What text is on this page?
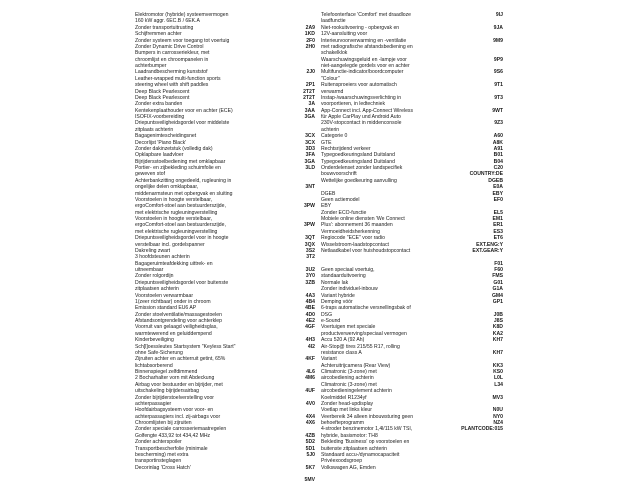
Elektromotor (hybride) systeemvermogen
160 kW aggr. 6EC.B / 6EK.A
Zonder transportuitrusting
Schijfremmen achter
Zonder systeem voor toegang tot voertuig
Zonder Dynamic Drive Control
Bumpers in carrosseriekleur, met
chroomlijst en chroompanelen in
achterbumper
Laadrandbescherming kunststof
Leather-wrapped multi-function sports
steering wheel with shift paddles
Deep Black Pearlescent
Deep Black Pearlescent
Zonder extra banden
Kentekenplaathouder voor en achter (ECE)
ISOFIX-voorbereiding
Driepuntsveiligheidsgordel voor middelste
zitplaats achterin
Bagagenimtescheidingsnet
Decorlijst 'Piano Black'
Zonder dakinzetstuk (volledig dak)
Opklapbare laadvloer
Bijrijdersstoelbediening met omklapbaar
Portier- en zijbekleding schuimfolie en
geweven stof
Achterbankzitting ongedeeld, rugleuning in
ongelijke delen omklapbaar,
middenarmsteun met opbergvak en sluiting
Voorstoelen in hoogte verstelbaar,
ergoComfort-stoel aan bestuurderszijde,
met elektrische rugleuningverstelling
Voorstoelen in hoogte verstelbaar,
ergoComfort-stoel aan bestuurderszijde,
met elektrische rugleuningverstelling
Driepuntsveiligheidsgordel voor in hoogte
verstelbaar incl. gordelspanner
Dakreling zwart
3 hoofdsteunen achterin
Bagageruimteafdekking uittrek- en
uitneembaar
Zonder rolgordijn
Driepuntsveiligheidsgordel voor buitenste
zitplaatsen achterin
Voorstoelen verwarmbaar
1(zeer richtbaar) onder in chroom
Emission standard EU6 AP
Zonder stoelventilatie/massagestoelen
Afstandsontgrendeling voor achterklep
Voorruit van gelaagd veiligheidsglas,
warmtewerend en geluiddempend
Kinderbeveiliging
Sch[l]oessleutes Startsystem "Keyless Start"
ohne Safe-Sicherung
Zijruiten achter en achterruit getint, 65%
lichtabsorberend
Binnenspiegel zelfdimmend
2 Bocharhalter vorn mit Abdeckung
Airbag voor bestuurder en bijrijder, met
uitschakeling bijrijdersairbag
Zonder bijrijderstoelverstelling voor
achterpassagier
Hoofdairbagsysteem voor voor- en
achterpassagiers incl. zij-airbags voor
Chroomlijsten bij zijruiten
Zonder speciale carrosseriemaatregelen
Golfengte 433,92 tot 434,42 MHz
Zonder achterspoiler
Transportbescherfolie (minimale
bescherming) met extra
transportinsteglagen
Decorinlag 'Cross Hatch'
2A9
1KD
2F0
2H0
2J0
2P1
2T2T
2T2T
3A
3AA
3GA
3CX
3CX
3D3
3FA
3GA
3LD
3NT
3PW
3PW
3QT
3QX
3S2
3T2
3U2
3Y0
3ZB
4A3
4B4
4BE
4D0
4E2
4GF
4H3
4I2
4KF
4L6
4M6
4UF
4V0
4X4
4X6
4ZB
5D2
5D1
5J0
5K7
5MV
Telefoonterface 'Comfort' met draadloze
laadfunctie
Niet-rookuitvoering - opbergvak en
12V-aansluiting voor
Interieurvoorverwarming en -ventilatie
met radiografische afstandsbediening en
schakelklok
Waarschuwingsgeluid en -lampje voor
niet-aangelegde gordels voor en achter
Multifunctie-indicator/boordcomputer
"Colour"
Ruitensproeiers voor automatisch
verwarmd
Instap-/waarschuwingsverlichting in
voorportieren, in ledtechniek
App-Connect incl. App-Connect Wireless
für Apple CarPlay und Android Auto
230V-stopcontact in middenconsole
achterin
Categorie 0
GTE
Rechtsrijdend verkeer
Typegoedkeuringsland Duitsland
Typegoedkeuringsland Duitsland
Onderdelenset zonder landspecifiek
bouwvoorschrift
Wettelijke goedkeuring aanvulling
DGEB
Geen actiemodel
EBY
Zonder ECO-functie
Mobiele online diensten 'We Connect
Plus': abonnement 36 maanden
Vermoeidheidsherkenning
Regiocode "ECE" voor radio
Wisselstroom-laadstopcontact
Netlaadkabel voor huishoudstopcontact
Geen speciaal voertuig,
standaarduitvoering
Normale lak
Zonder individuel-inbouw
Variant hybride
Demping vóór
6-traps automatische versnellingsbak of
DSG
e-Sound
Voertuigen met speciale
productverwerving/speciaal vermogen
Accu 520 A (92 Ah)
Air-Stop@ tires 215/55 R17, rolling
resistance class A
Variant
Achteruitrijcamera (Rear View)
Climatronic (3-zone) met
aircobediening achterin
Climatronic (3-zone) met
aircobedieningelement achterin
Koelmiddel R1234yf
Zonder head-updisplay
Voetlap met links kleur
Veerbereik 34 alleen inbouwsturing geen
behoefteprogramm
4-stroder benzinemotor 1,4l/115 kW TSI,
hybride, basismotor: TH8
Bekleding 'Business' op voorstoelen en
buitenste zitplaatsen achterin
Standaard accu-/dynamocapaciteit
Privéexoodsgroep
Volkswagen AG, Emden
9IJ
9JA
9M9
9P9
9S6
9T1
9T3
9WT
9Z3
A60
A8K
A91
B01
B04
C20
COUNTRY:DE
DGEB
E0A
EBY
EF0
EL5
EM1
ER1
ES3
ET6
EXT.ENG:Y
EXT.GEAR:Y
F01
F60
FMS
G01
G1A
GM4
GP1
J0B
J8S
K8D
KA2
KH7
KH7
KK3
KS0
L0L
L34
MV3
N0U
NY0
NZ4
PLANTCODE:015
